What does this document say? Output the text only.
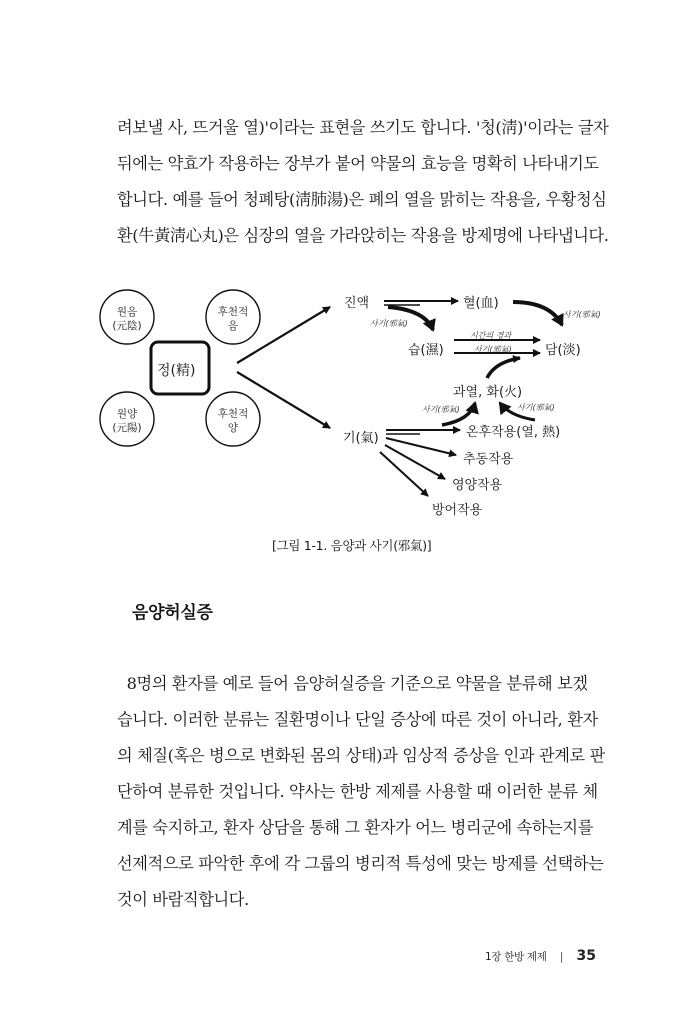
려보낼 사, 뜨거울 열)'이라는 표현을 쓰기도 합니다. '청(淸)'이라는 글자
뒤에는 약효가 작용하는 장부가 붙어 약물의 효능을 명확히 나타내기도
합니다. 예를 들어 청폐탕(淸肺湯)은 폐의 열을 맑히는 작용을, 우황청심
환(牛黃淸心丸)은 심장의 열을 가라앉히는 작용을 방제명에 나타냅니다.
원음
(元陰)
후천적
음
원양
(元陽)
후천적
양
정(精)
진액	혈(血)
습(濕)	담(淡)
과열, 화(火)
기(氣)	온후작용(열, 熱)
추동작용
영양작용
방어작용
사기(邪氣)
사기(邪氣)
시간의 경과
사기(邪氣)
사기(邪氣)	사기(邪氣)
[그림 1-1. 음양과 사기(邪氣)]
음양허실증
8명의 환자를 예로 들어 음양허실증을 기준으로 약물을 분류해 보겠
습니다. 이러한 분류는 질환명이나 단일 증상에 따른 것이 아니라, 환자
의 체질(혹은 병으로 변화된 몸의 상태)과 임상적 증상을 인과 관계로 판
단하여 분류한 것입니다. 약사는 한방 제제를 사용할 때 이러한 분류 체
계를 숙지하고, 환자 상담을 통해 그 환자가 어느 병리군에 속하는지를
선제적으로 파악한 후에 각 그룹의 병리적 특성에 맞는 방제를 선택하는
것이 바람직합니다.
1장 한방 제제 | 35
